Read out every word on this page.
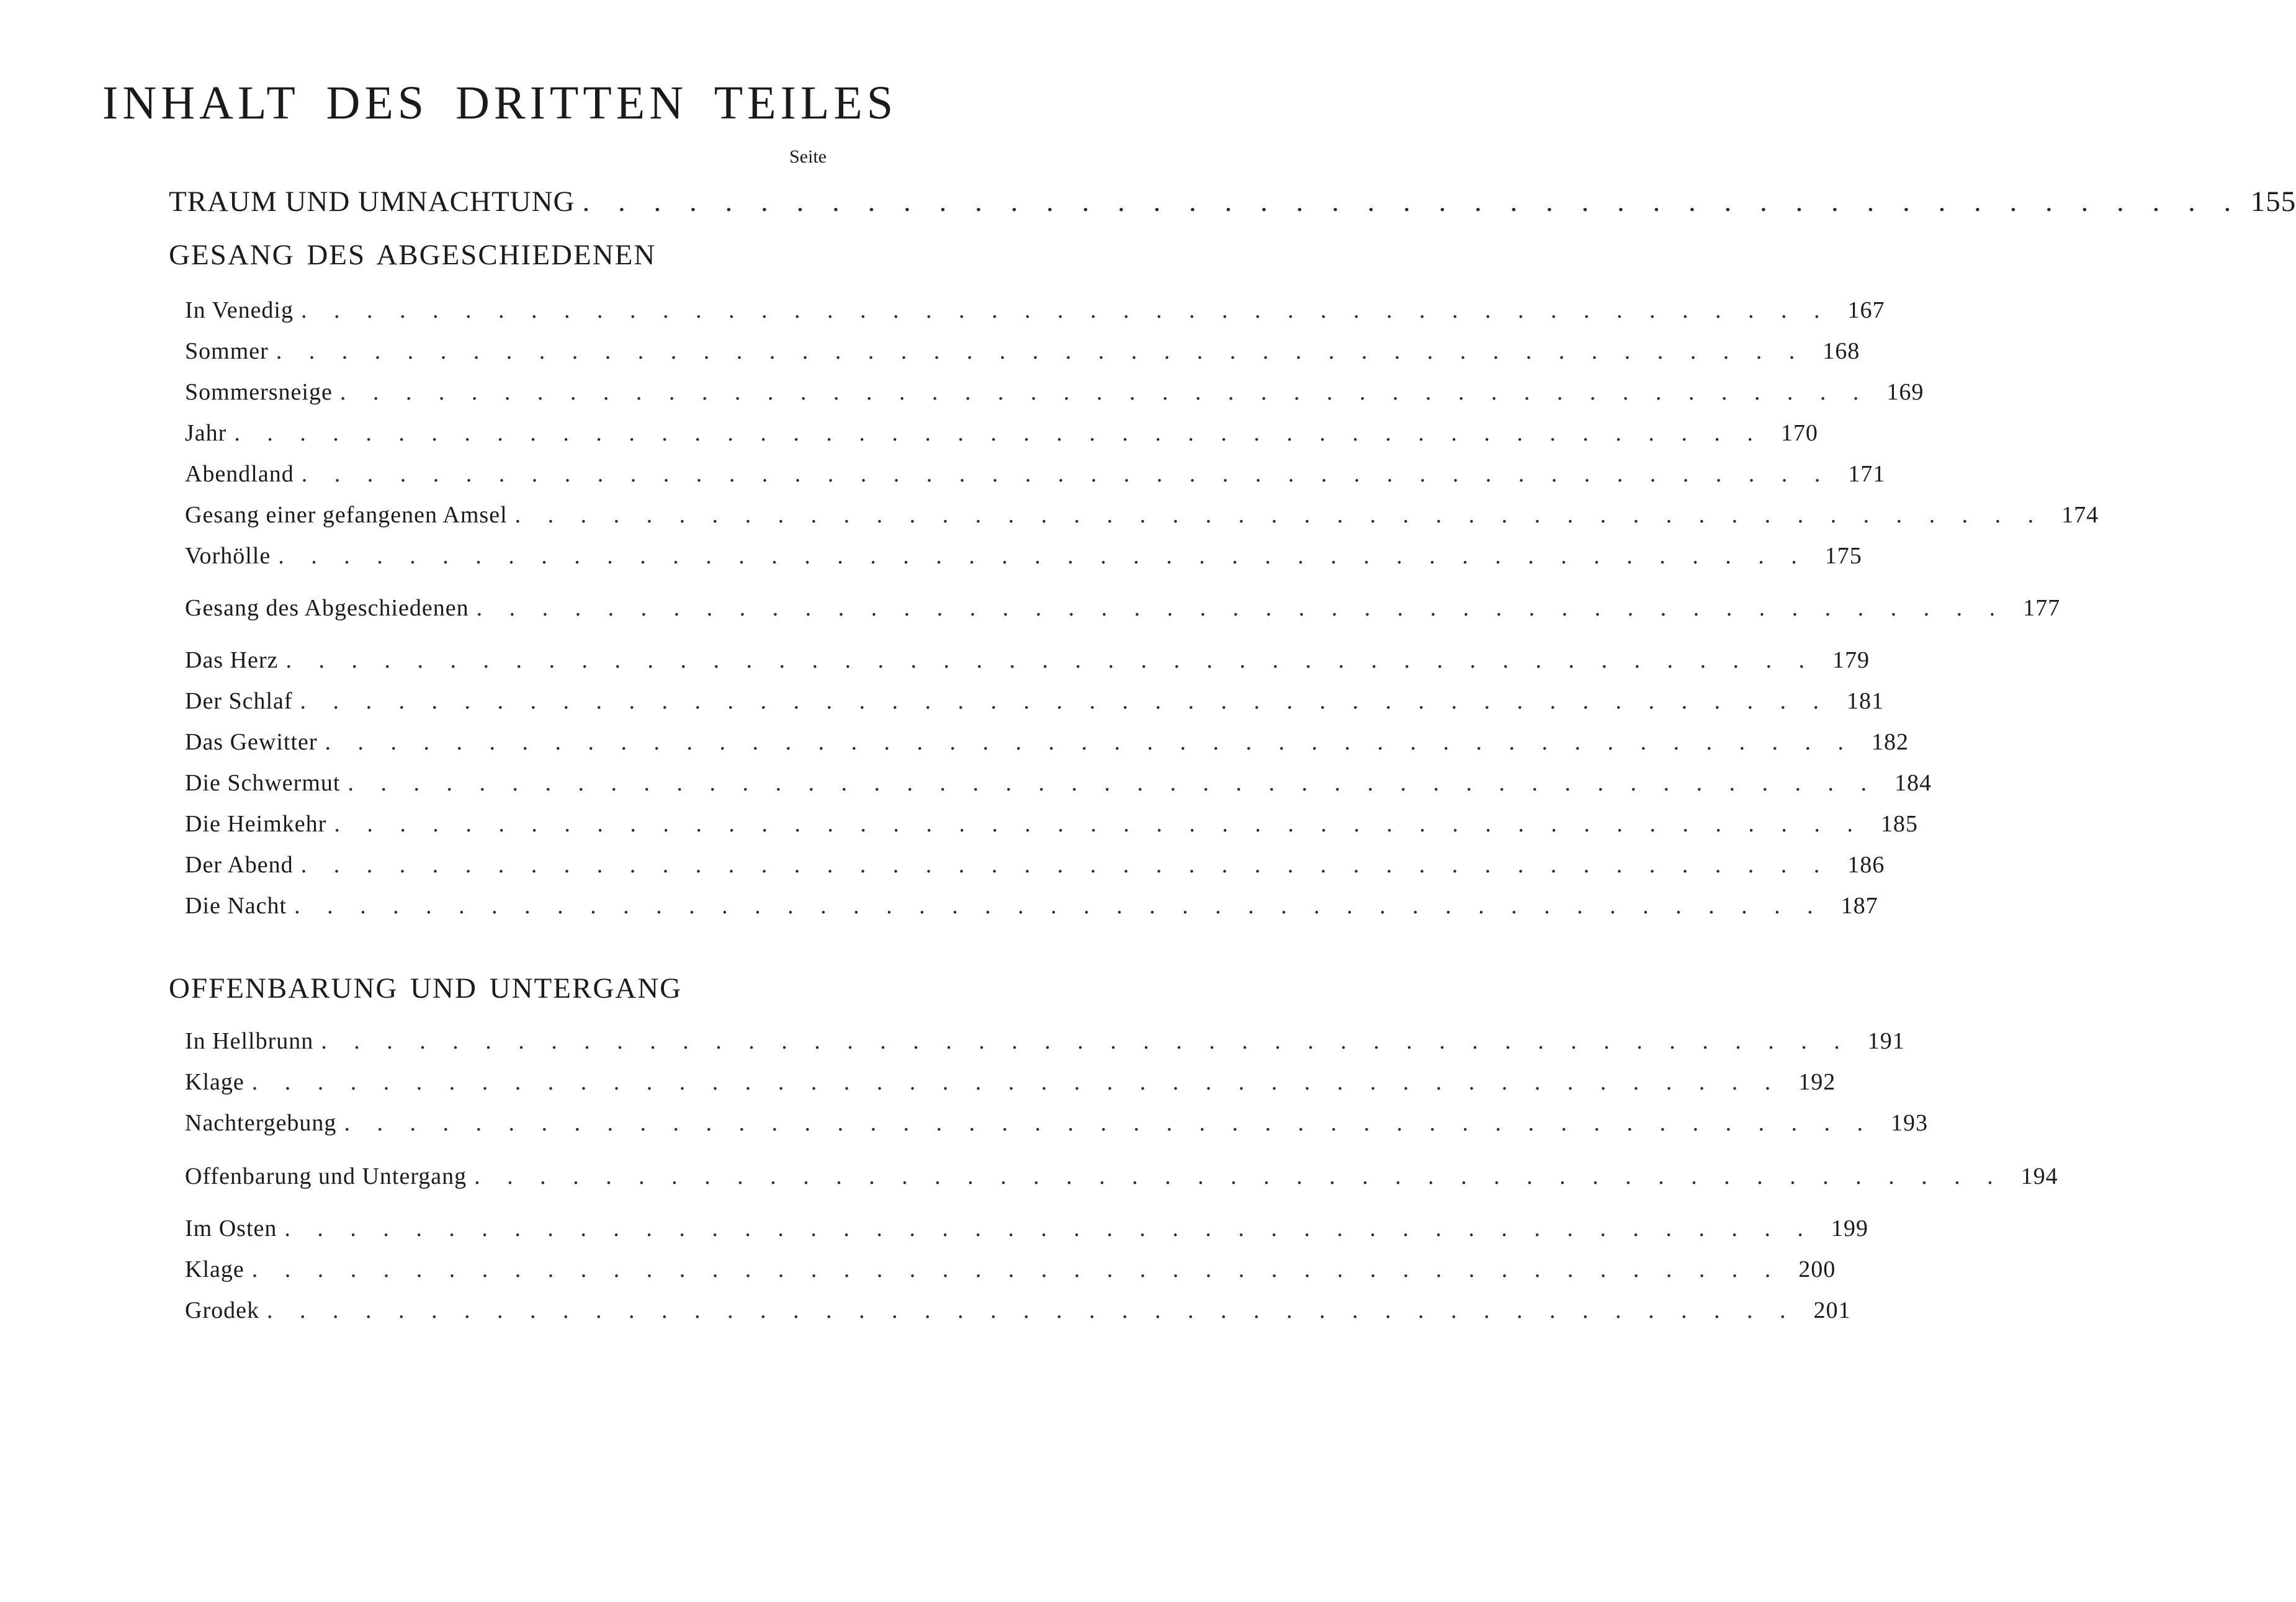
INHALT DES DRITTEN TEILES
Seite
TRAUM UND UMNACHTUNG . . . . . . . . . . . . . . . . . . . . . . . . . . . . . . . . . . . . . . . . . . . . . . . 155
GESANG DES ABGESCHIEDENEN
In Venedig . . . . . . . . . . . . . . . . . . . . . . . . . . . . . . . . . . . . . . . . . . . . . . . 167
Sommer . . . . . . . . . . . . . . . . . . . . . . . . . . . . . . . . . . . . . . . . . . . . . . . 168
Sommersneige . . . . . . . . . . . . . . . . . . . . . . . . . . . . . . . . . . . . . . . . . . . . . . . 169
Jahr . . . . . . . . . . . . . . . . . . . . . . . . . . . . . . . . . . . . . . . . . . . . . . . 170
Abendland . . . . . . . . . . . . . . . . . . . . . . . . . . . . . . . . . . . . . . . . . . . . . . . 171
Gesang einer gefangenen Amsel . . . . . . . . . . . . . . . . . . . . . . . . . . . . . . . . . . . . . . . . . . . . . . . 174
Vorhölle . . . . . . . . . . . . . . . . . . . . . . . . . . . . . . . . . . . . . . . . . . . . . . . 175
Gesang des Abgeschiedenen . . . . . . . . . . . . . . . . . . . . . . . . . . . . . . . . . . . . . . . . . . . . . . . 177
Das Herz . . . . . . . . . . . . . . . . . . . . . . . . . . . . . . . . . . . . . . . . . . . . . . . 179
Der Schlaf . . . . . . . . . . . . . . . . . . . . . . . . . . . . . . . . . . . . . . . . . . . . . . . 181
Das Gewitter . . . . . . . . . . . . . . . . . . . . . . . . . . . . . . . . . . . . . . . . . . . . . . . 182
Die Schwermut . . . . . . . . . . . . . . . . . . . . . . . . . . . . . . . . . . . . . . . . . . . . . . . 184
Die Heimkehr . . . . . . . . . . . . . . . . . . . . . . . . . . . . . . . . . . . . . . . . . . . . . . . 185
Der Abend . . . . . . . . . . . . . . . . . . . . . . . . . . . . . . . . . . . . . . . . . . . . . . . 186
Die Nacht . . . . . . . . . . . . . . . . . . . . . . . . . . . . . . . . . . . . . . . . . . . . . . . 187
OFFENBARUNG UND UNTERGANG
In Hellbrunn . . . . . . . . . . . . . . . . . . . . . . . . . . . . . . . . . . . . . . . . . . . . . . . 191
Klage . . . . . . . . . . . . . . . . . . . . . . . . . . . . . . . . . . . . . . . . . . . . . . . 192
Nachtergebung . . . . . . . . . . . . . . . . . . . . . . . . . . . . . . . . . . . . . . . . . . . . . . . 193
Offenbarung und Untergang . . . . . . . . . . . . . . . . . . . . . . . . . . . . . . . . . . . . . . . . . . . . . . . 194
Im Osten . . . . . . . . . . . . . . . . . . . . . . . . . . . . . . . . . . . . . . . . . . . . . . . 199
Klage . . . . . . . . . . . . . . . . . . . . . . . . . . . . . . . . . . . . . . . . . . . . . . . 200
Grodek . . . . . . . . . . . . . . . . . . . . . . . . . . . . . . . . . . . . . . . . . . . . . . . 201
